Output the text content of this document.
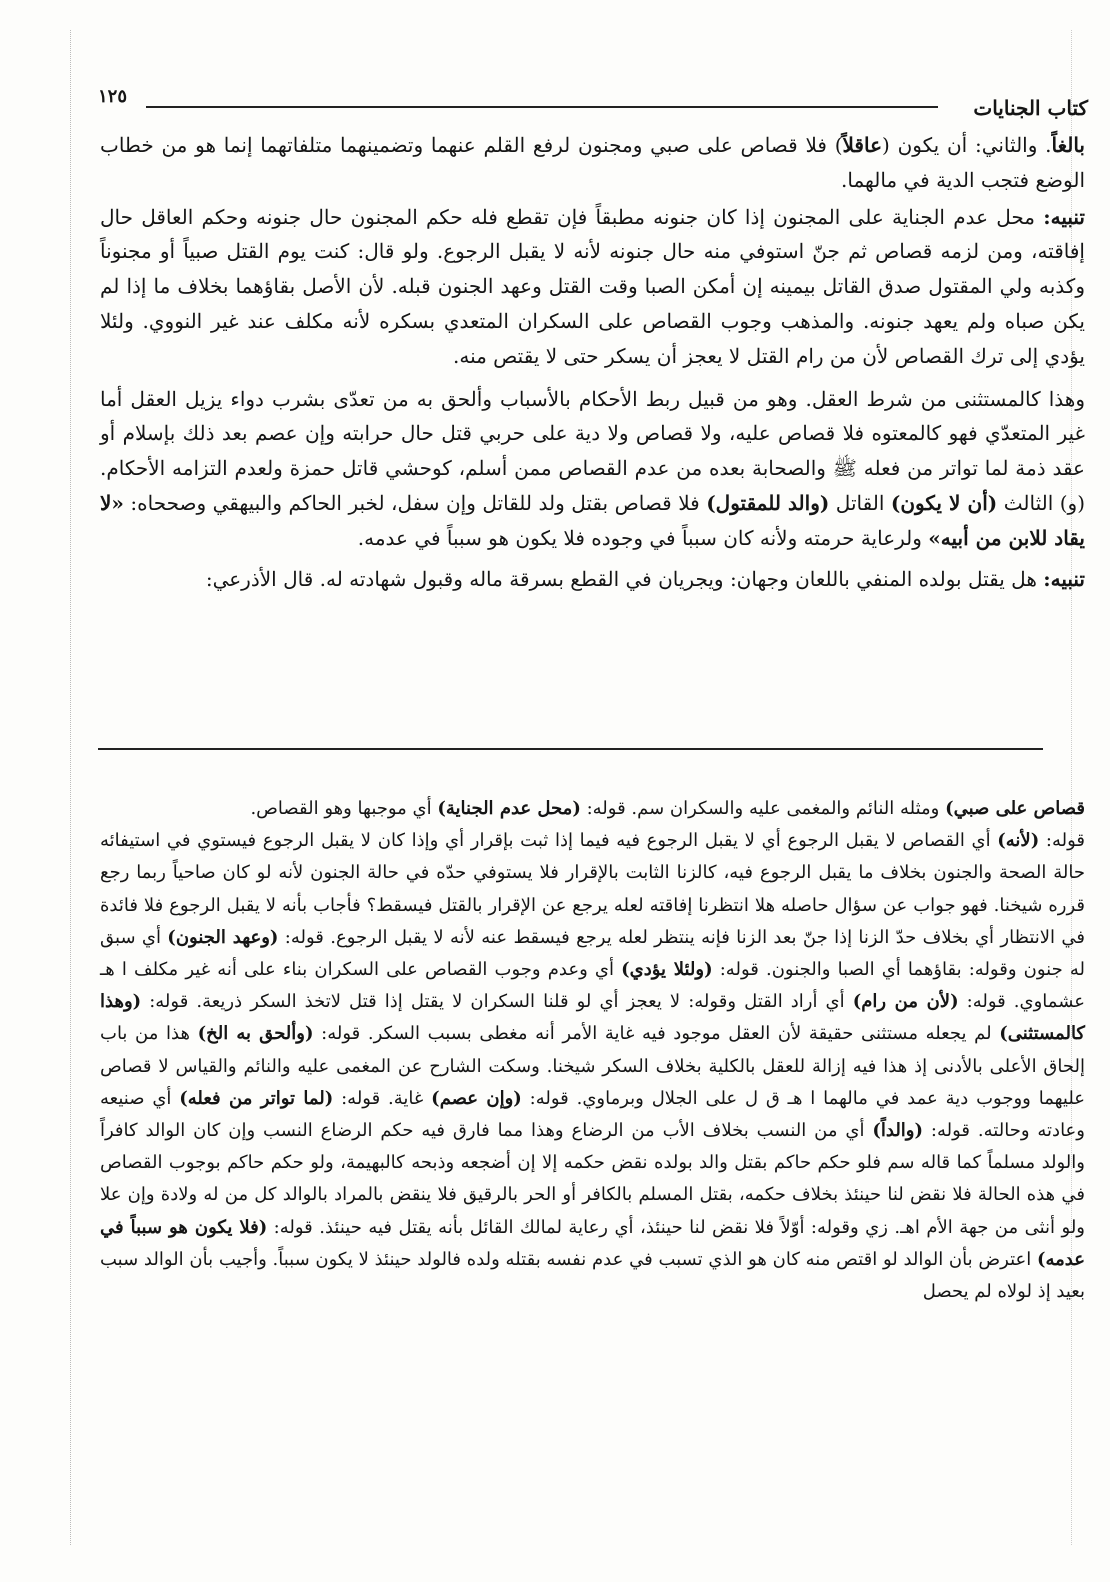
كتاب الجنايات
١٢٥

بالغاً. والثاني: أن يكون (عاقلاً) فلا قصاص على صبي ومجنون لرفع القلم عنهما وتضمينهما متلفاتهما إنما هو من خطاب الوضع فتجب الدية في مالهما.

تنبيه: محل عدم الجناية على المجنون إذا كان جنونه مطبقاً فإن تقطع فله حكم المجنون حال جنونه وحكم العاقل حال إفاقته، ومن لزمه قصاص ثم جنّ استوفي منه حال جنونه لأنه لا يقبل الرجوع. ولو قال: كنت يوم القتل صبياً أو مجنوناً وكذبه ولي المقتول صدق القاتل بيمينه إن أمكن الصبا وقت القتل وعهد الجنون قبله. لأن الأصل بقاؤهما بخلاف ما إذا لم يكن صباه ولم يعهد جنونه. والمذهب وجوب القصاص على السكران المتعدي بسكره لأنه مكلف عند غير النووي. ولئلا يؤدي إلى ترك القصاص لأن من رام القتل لا يعجز أن يسكر حتى لا يقتص منه.

وهذا كالمستثنى من شرط العقل. وهو من قبيل ربط الأحكام بالأسباب وألحق به من تعدّى بشرب دواء يزيل العقل أما غير المتعدّي فهو كالمعتوه فلا قصاص عليه، ولا قصاص ولا دية على حربي قتل حال حرابته وإن عصم بعد ذلك بإسلام أو عقد ذمة لما تواتر من فعله ﷺ والصحابة بعده من عدم القصاص ممن أسلم، كوحشي قاتل حمزة ولعدم التزامه الأحكام. (و) الثالث (أن لا يكون) القاتل (والد للمقتول) فلا قصاص بقتل ولد للقاتل وإن سفل، لخبر الحاكم والبيهقي وصححاه: «لا يقاد للابن من أبيه» ولرعاية حرمته ولأنه كان سبباً في وجوده فلا يكون هو سبباً في عدمه.

تنبيه: هل يقتل بولده المنفي باللعان وجهان: ويجريان في القطع بسرقة ماله وقبول شهادته له. قال الأذرعي:

قصاص على صبي) ومثله النائم والمغمى عليه والسكران سم. قوله: (محل عدم الجناية) أي موجبها وهو القصاص.

قوله: (لأنه) أي القصاص لا يقبل الرجوع أي لا يقبل الرجوع فيه فيما إذا ثبت بإقرار أي وإذا كان لا يقبل الرجوع فيستوي في استيفائه حالة الصحة والجنون بخلاف ما يقبل الرجوع فيه، كالزنا الثابت بالإقرار فلا يستوفي حدّه في حالة الجنون لأنه لو كان صاحياً ربما رجع قرره شيخنا. فهو جواب عن سؤال حاصله هلا انتظرنا إفاقته لعله يرجع عن الإقرار بالقتل فيسقط؟ فأجاب بأنه لا يقبل الرجوع فلا فائدة في الانتظار أي بخلاف حدّ الزنا إذا جنّ بعد الزنا فإنه ينتظر لعله يرجع فيسقط عنه لأنه لا يقبل الرجوع. قوله: (وعهد الجنون) أي سبق له جنون وقوله: بقاؤهما أي الصبا والجنون. قوله: (ولئلا يؤدي) أي وعدم وجوب القصاص على السكران بناء على أنه غير مكلف ا هـ عشماوي. قوله: (لأن من رام) أي أراد القتل وقوله: لا يعجز أي لو قلنا السكران لا يقتل إذا قتل لاتخذ السكر ذريعة. قوله: (وهذا كالمستثنى) لم يجعله مستثنى حقيقة لأن العقل موجود فيه غاية الأمر أنه مغطى بسبب السكر. قوله: (وألحق به الخ) هذا من باب إلحاق الأعلى بالأدنى إذ هذا فيه إزالة للعقل بالكلية بخلاف السكر شيخنا. وسكت الشارح عن المغمى عليه والنائم والقياس لا قصاص عليهما ووجوب دية عمد في مالهما ا هـ ق ل على الجلال وبرماوي. قوله: (وإن عصم) غاية. قوله: (لما تواتر من فعله) أي صنيعه وعادته وحالته. قوله: (والداً) أي من النسب بخلاف الأب من الرضاع وهذا مما فارق فيه حكم الرضاع النسب وإن كان الوالد كافراً والولد مسلماً كما قاله سم فلو حكم حاكم بقتل والد بولده نقض حكمه إلا إن أضجعه وذبحه كالبهيمة، ولو حكم حاكم بوجوب القصاص في هذه الحالة فلا نقض لنا حينئذ بخلاف حكمه، بقتل المسلم بالكافر أو الحر بالرقيق فلا ينقض بالمراد بالوالد كل من له ولادة وإن علا ولو أنثى من جهة الأم اهـ. زي وقوله: أوّلاً فلا نقض لنا حينئذ، أي رعاية لمالك القائل بأنه يقتل فيه حينئذ. قوله: (فلا يكون هو سبباً في عدمه) اعترض بأن الوالد لو اقتص منه كان هو الذي تسبب في عدم نفسه بقتله ولده فالولد حينئذ لا يكون سبباً. وأجيب بأن الوالد سبب بعيد إذ لولاه لم يحصل
